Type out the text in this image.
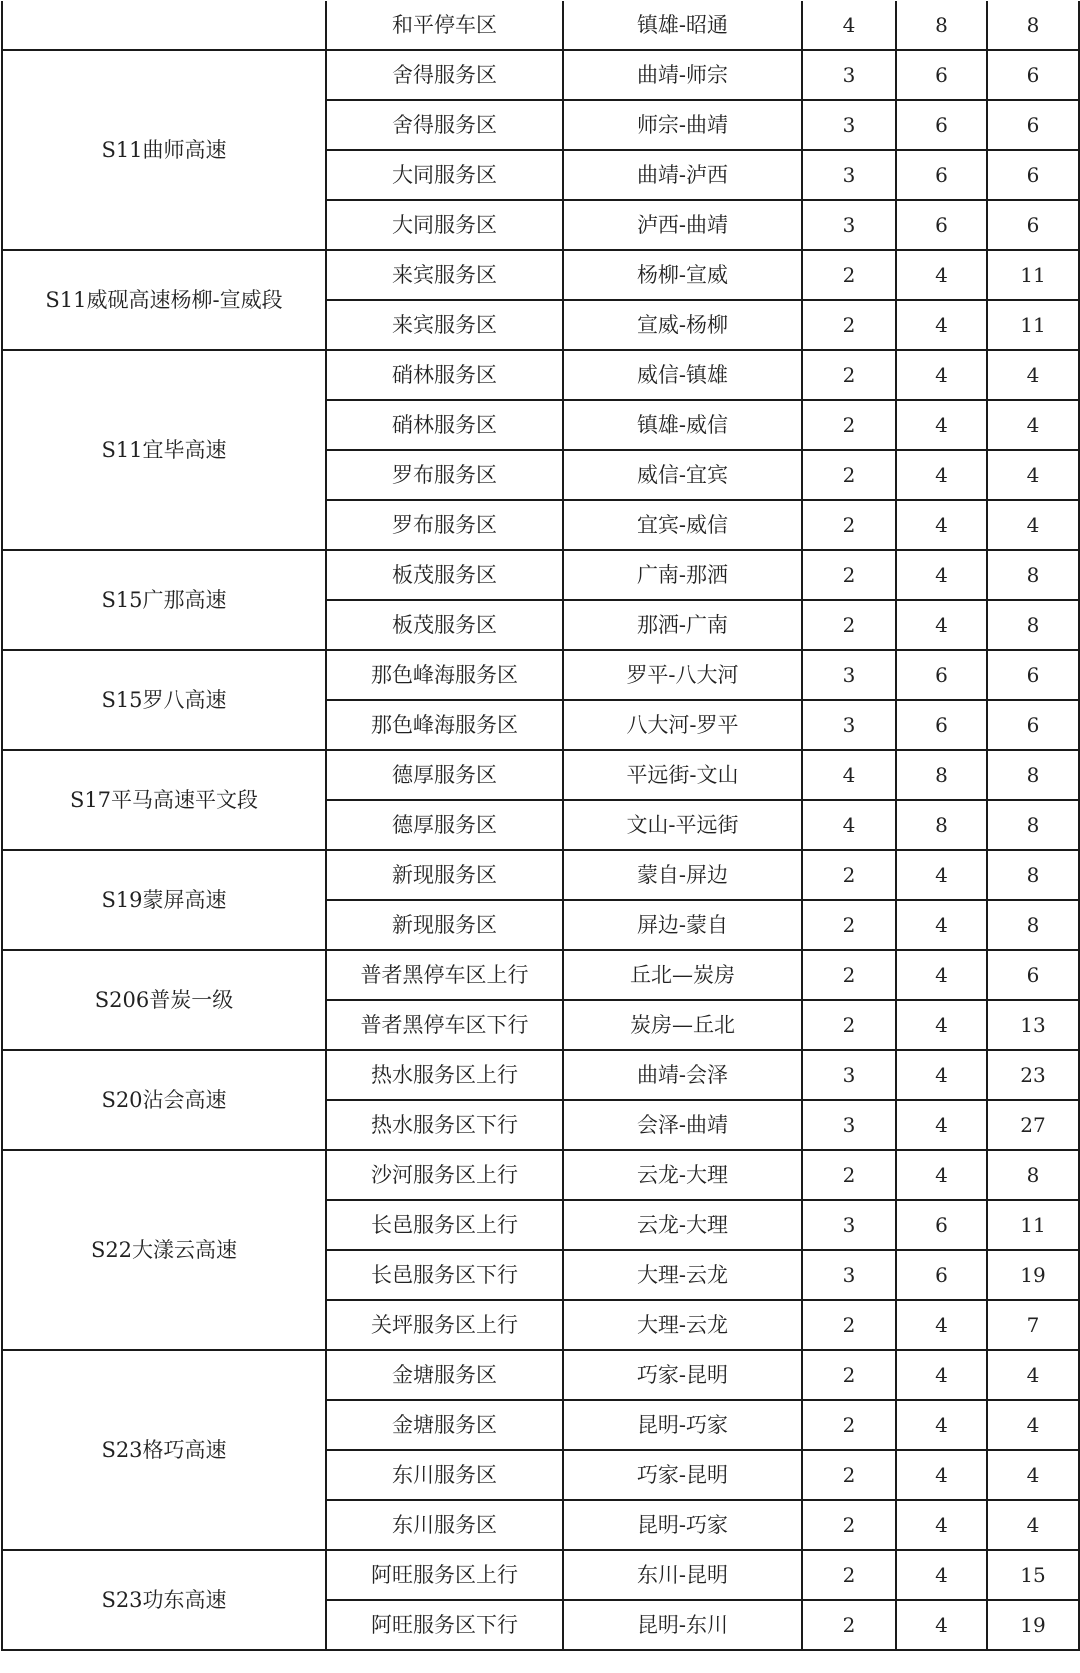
	和平停车区	镇雄-昭通	4	8	8
S11曲师高速	舍得服务区	曲靖-师宗	3	6	6
	舍得服务区	师宗-曲靖	3	6	6
	大同服务区	曲靖-泸西	3	6	6
	大同服务区	泸西-曲靖	3	6	6
S11威砚高速杨柳-宣威段	来宾服务区	杨柳-宣威	2	4	11
	来宾服务区	宣威-杨柳	2	4	11
S11宜毕高速	硝林服务区	威信-镇雄	2	4	4
	硝林服务区	镇雄-威信	2	4	4
	罗布服务区	威信-宜宾	2	4	4
	罗布服务区	宜宾-威信	2	4	4
S15广那高速	板茂服务区	广南-那洒	2	4	8
	板茂服务区	那洒-广南	2	4	8
S15罗八高速	那色峰海服务区	罗平-八大河	3	6	6
	那色峰海服务区	八大河-罗平	3	6	6
S17平马高速平文段	德厚服务区	平远街-文山	4	8	8
	德厚服务区	文山-平远街	4	8	8
S19蒙屏高速	新现服务区	蒙自-屏边	2	4	8
	新现服务区	屏边-蒙自	2	4	8
S206普炭一级	普者黑停车区上行	丘北—炭房	2	4	6
	普者黑停车区下行	炭房—丘北	2	4	13
S20沾会高速	热水服务区上行	曲靖-会泽	3	4	23
	热水服务区下行	会泽-曲靖	3	4	27
S22大漾云高速	沙河服务区上行	云龙-大理	2	4	8
	长邑服务区上行	云龙-大理	3	6	11
	长邑服务区下行	大理-云龙	3	6	19
	关坪服务区上行	大理-云龙	2	4	7
S23格巧高速	金塘服务区	巧家-昆明	2	4	4
	金塘服务区	昆明-巧家	2	4	4
	东川服务区	巧家-昆明	2	4	4
	东川服务区	昆明-巧家	2	4	4
S23功东高速	阿旺服务区上行	东川-昆明	2	4	15
	阿旺服务区下行	昆明-东川	2	4	19
